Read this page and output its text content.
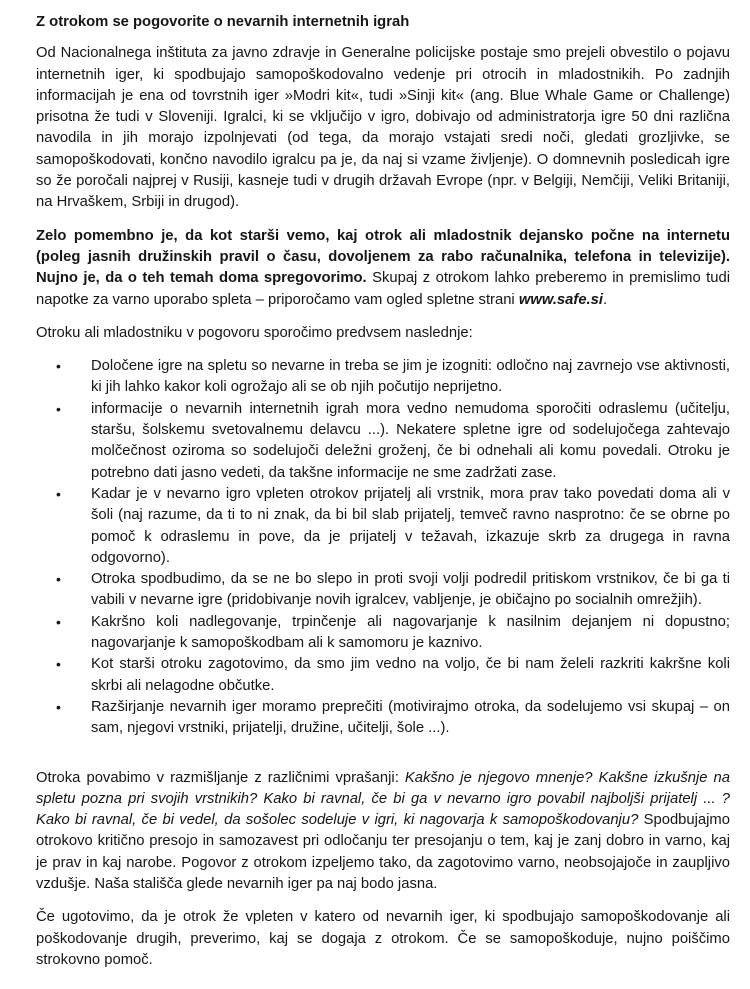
Z otrokom se pogovorite o nevarnih internetnih igrah

Od Nacionalnega inštituta za javno zdravje in Generalne policijske postaje smo prejeli obvestilo o pojavu internetnih iger, ki spodbujajo samopoškodovalno vedenje pri otrocih in mladostnikih. Po zadnjih informacijah je ena od tovrstnih iger »Modri kit«, tudi »Sinji kit« (ang. Blue Whale Game or Challenge) prisotna že tudi v Sloveniji. Igralci, ki se vključijo v igro, dobivajo od administratorja igre 50 dni različna navodila in jih morajo izpolnjevati (od tega, da morajo vstajati sredi noči, gledati grozljivke, se samopoškodovati, končno navodilo igralcu pa je, da naj si vzame življenje). O domnevnih posledicah igre so že poročali najprej v Rusiji, kasneje tudi v drugih državah Evrope (npr. v Belgiji, Nemčiji, Veliki Britaniji, na Hrvaškem, Srbiji in drugod).

Zelo pomembno je, da kot starši vemo, kaj otrok ali mladostnik dejansko počne na internetu (poleg jasnih družinskih pravil o času, dovoljenem za rabo računalnika, telefona in televizije). Nujno je, da o teh temah doma spregovorimo. Skupaj z otrokom lahko preberemo in premislimo tudi napotke za varno uporabo spleta – priporočamo vam ogled spletne strani www.safe.si.

Otroku ali mladostniku v pogovoru sporočimo predvsem naslednje:

• Določene igre na spletu so nevarne in treba se jim je izogniti: odločno naj zavrnejo vse aktivnosti, ki jih lahko kakor koli ogrožajo ali se ob njih počutijo neprijetno.
• informacije o nevarnih internetnih igrah mora vedno nemudoma sporočiti odraslemu (učitelju, staršu, šolskemu svetovalnemu delavcu ...). Nekatere spletne igre od sodelujočega zahtevajo molčečnost oziroma so sodelujoči deležni groženj, če bi odnehali ali komu povedali. Otroku je potrebno dati jasno vedeti, da takšne informacije ne sme zadržati zase.
• Kadar je v nevarno igro vpleten otrokov prijatelj ali vrstnik, mora prav tako povedati doma ali v šoli (naj razume, da ti to ni znak, da bi bil slab prijatelj, temveč ravno nasprotno: če se obrne po pomoč k odraslemu in pove, da je prijatelj v težavah, izkazuje skrb za drugega in ravna odgovorno).
• Otroka spodbudimo, da se ne bo slepo in proti svoji volji podredil pritiskom vrstnikov, če bi ga ti vabili v nevarne igre (pridobivanje novih igralcev, vabljenje, je običajno po socialnih omrežjih).
• Kakršno koli nadlegovanje, trpinčenje ali nagovarjanje k nasilnim dejanjem ni dopustno; nagovarjanje k samopoškodbam ali k samomoru je kaznivo.
• Kot starši otroku zagotovimo, da smo jim vedno na voljo, če bi nam želeli razkriti kakršne koli skrbi ali nelagodne občutke.
• Razširjanje nevarnih iger moramo preprečiti (motivirajmo otroka, da sodelujemo vsi skupaj – on sam, njegovi vrstniki, prijatelji, družine, učitelji, šole ...).

Otroka povabimo v razmišljanje z različnimi vprašanji: Kakšno je njegovo mnenje? Kakšne izkušnje na spletu pozna pri svojih vrstnikih? Kako bi ravnal, če bi ga v nevarno igro povabil najboljši prijatelj ... ? Kako bi ravnal, če bi vedel, da sošolec sodeluje v igri, ki nagovarja k samopoškodovanju? Spodbujajmo otrokovo kritično presojo in samozavest pri odločanju ter presojanju o tem, kaj je zanj dobro in varno, kaj je prav in kaj narobe. Pogovor z otrokom izpeljemo tako, da zagotovimo varno, neobsojajoče in zaupljivo vzdušje. Naša stališča glede nevarnih iger pa naj bodo jasna.

Če ugotovimo, da je otrok že vpleten v katero od nevarnih iger, ki spodbujajo samopoškodovanje ali poškodovanje drugih, preverimo, kaj se dogaja z otrokom. Če se samopoškoduje, nujno poiščimo strokovno pomoč.
